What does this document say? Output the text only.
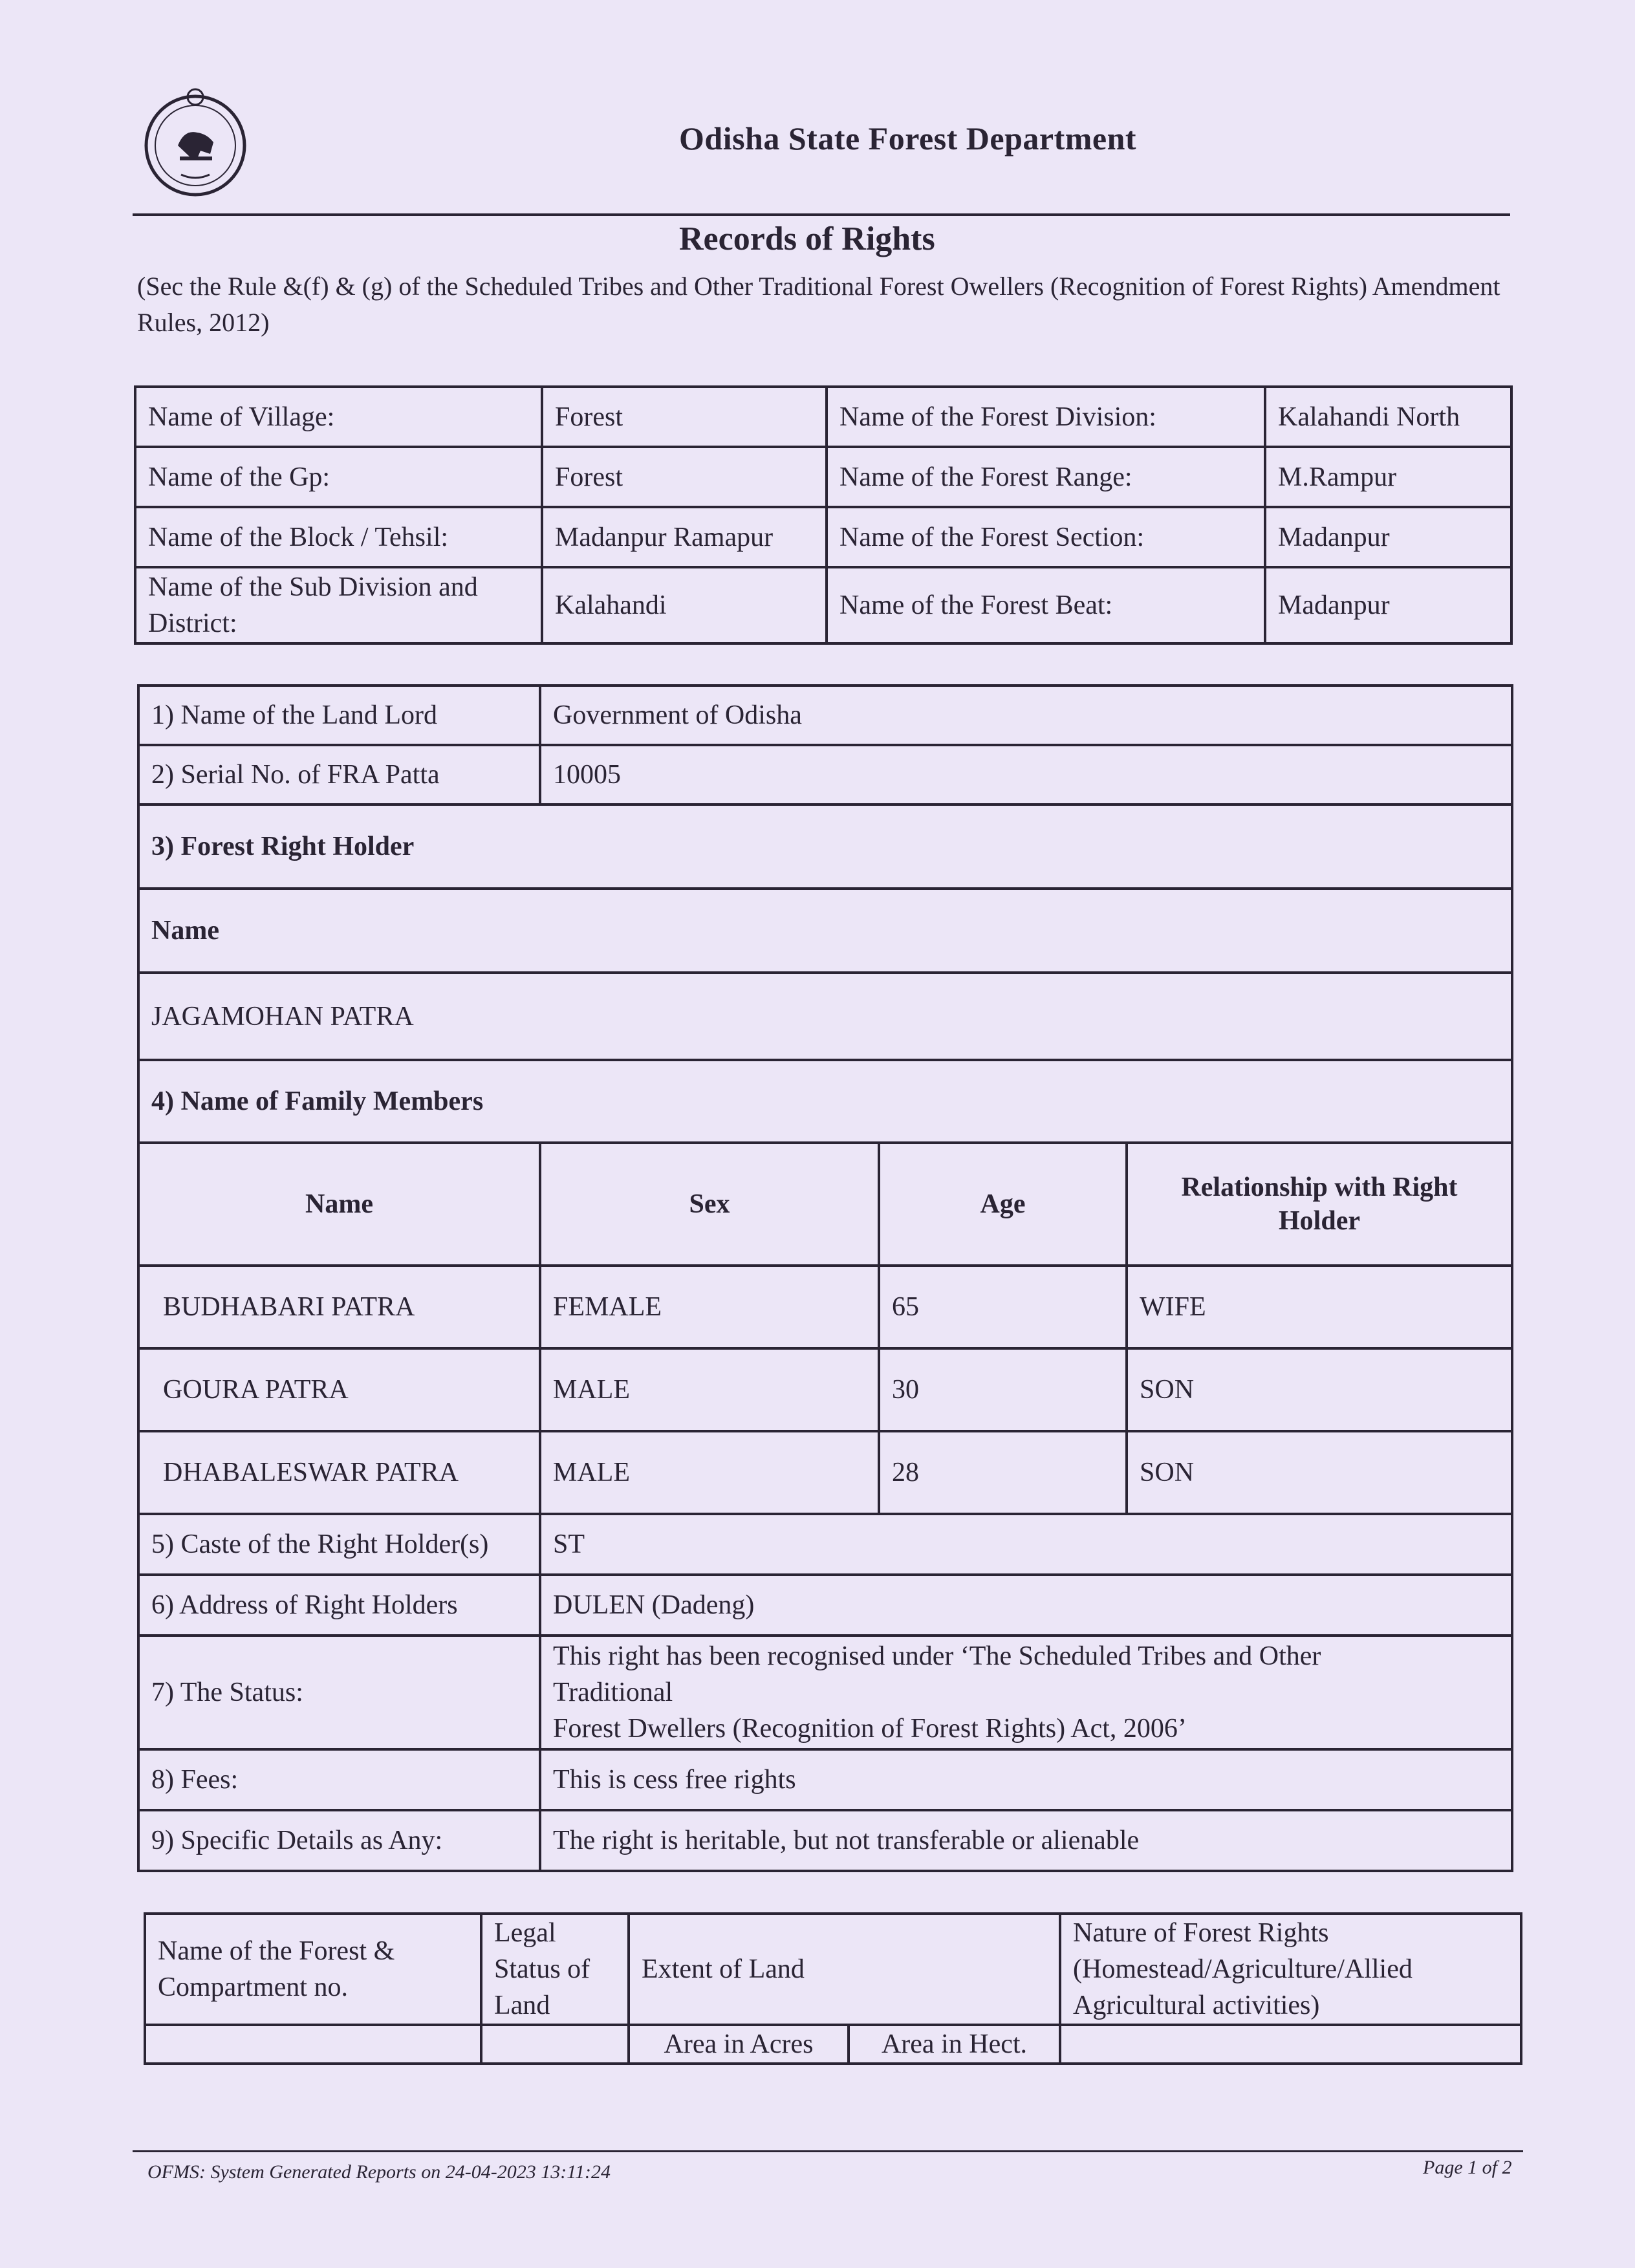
Odisha State Forest Department
Records of Rights
(Sec the Rule &(f) & (g) of the Scheduled Tribes and Other Traditional Forest Owellers (Recognition of Forest Rights) Amendment Rules, 2012)
Name of Village:	Forest	Name of the Forest Division:	Kalahandi North
Name of the Gp:	Forest	Name of the Forest Range:	M.Rampur
Name of the Block / Tehsil:	Madanpur Ramapur	Name of the Forest Section:	Madanpur
Name of the Sub Division and District:	Kalahandi	Name of the Forest Beat:	Madanpur
1) Name of the Land Lord	Government of Odisha		
2) Serial No. of FRA Patta	10005		
3) Forest Right Holder			
Name			
JAGAMOHAN PATRA			
4) Name of Family Members			
Name	Sex	Age	Relationship with Right Holder
BUDHABARI PATRA	FEMALE	65	WIFE
GOURA PATRA	MALE	30	SON
DHABALESWAR PATRA	MALE	28	SON
5) Caste of the Right Holder(s)	ST		
6) Address of Right Holders	DULEN (Dadeng)		
7) The Status:	This right has been recognised under ‘The Scheduled Tribes and Other Traditional
Forest Dwellers (Recognition of Forest Rights) Act, 2006’		

8) Fees:	This is cess free rights		
9) Specific Details as Any:	The right is heritable, but not transferable or alienable		
Name of the Forest & Compartment no.	Legal Status of Land	Extent of Land		Nature of Forest Rights (Homestead/Agriculture/Allied Agricultural activities)
		Area in Acres	Area in Hect.	
OFMS: System Generated Reports on 24-04-2023 13:11:24	Page 1 of 2
